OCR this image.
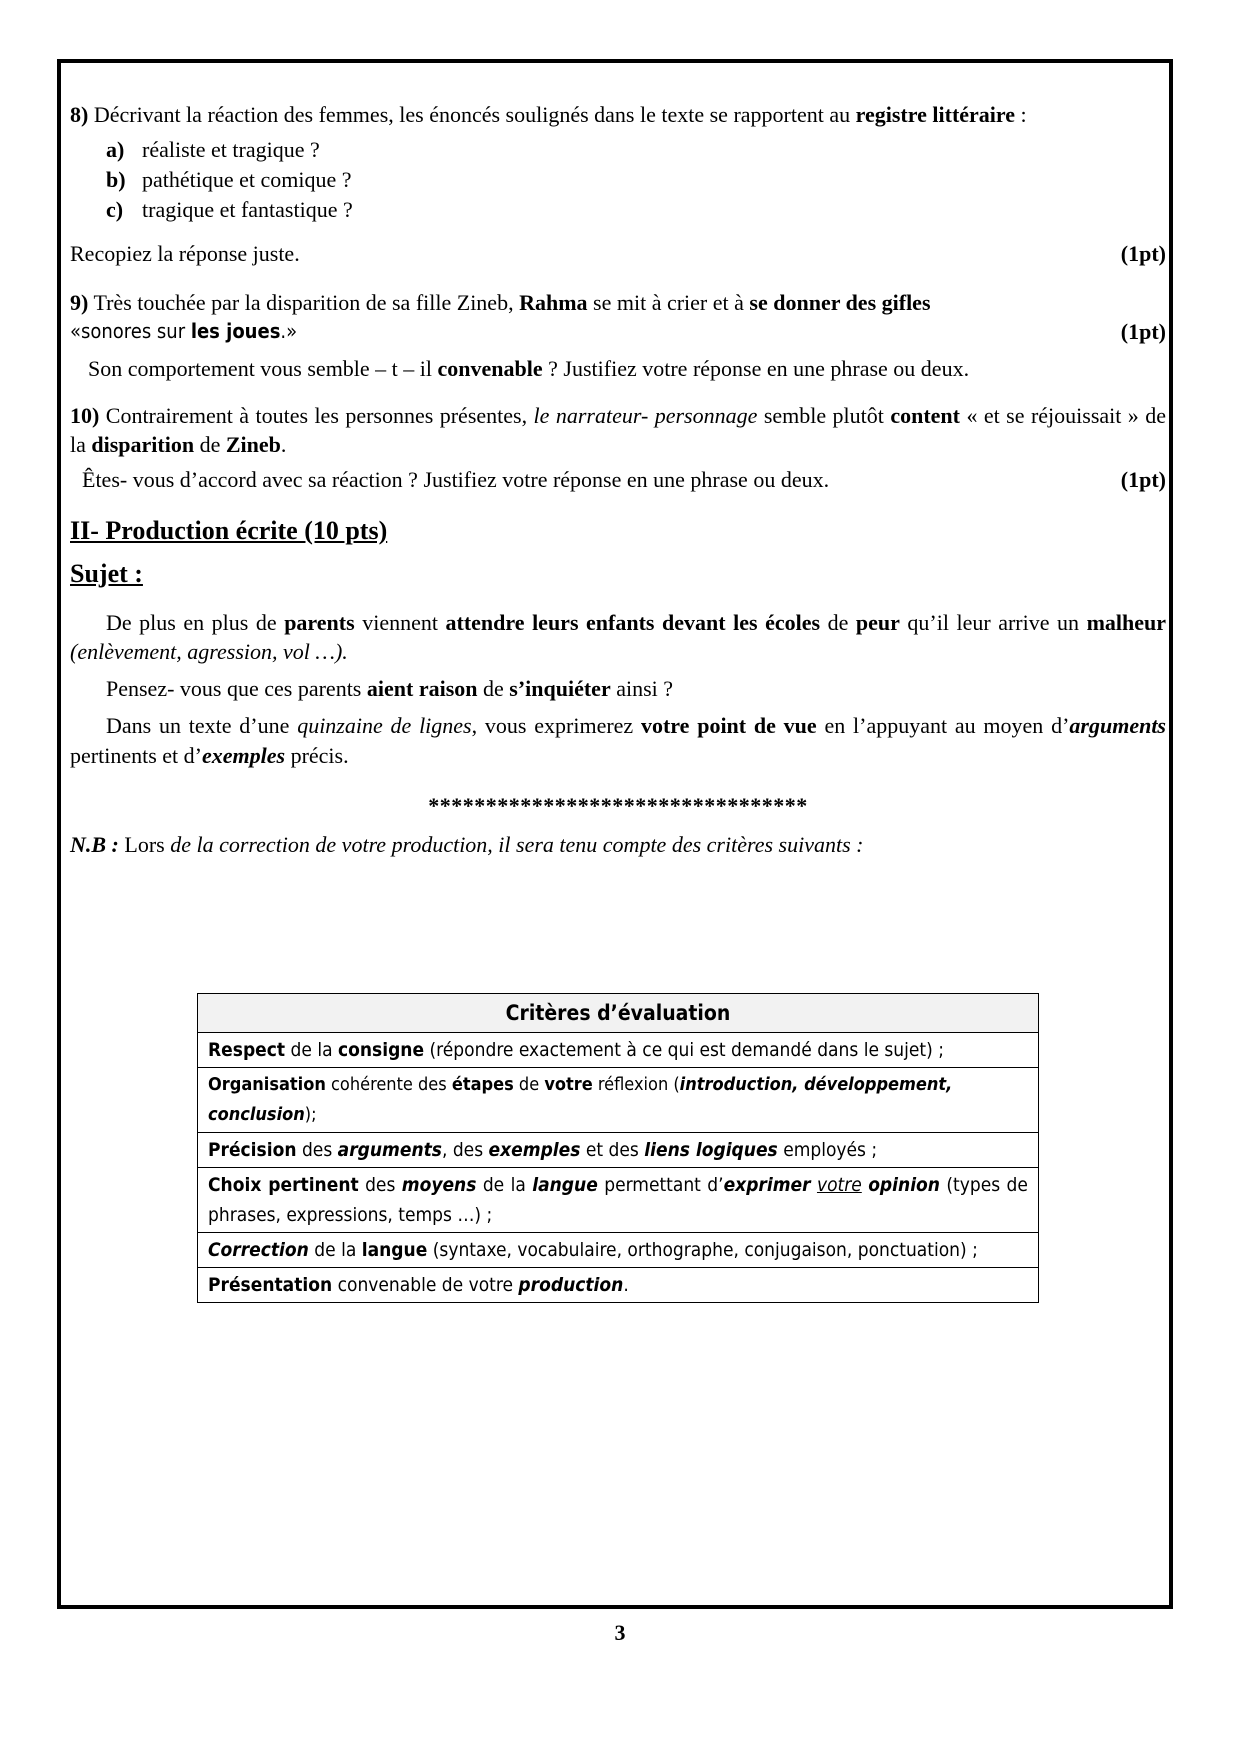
8) Décrivant la réaction des femmes, les énoncés soulignés dans le texte se rapportent au registre littéraire :

a) réaliste et tragique ?
b) pathétique et comique ?
c) tragique et fantastique ?
Recopiez la réponse juste.	(1pt)

9) Très touchée par la disparition de sa fille Zineb, Rahma se mit à crier et à se donner des gifles

«sonores sur les joues.»	(1pt)

Son comportement vous semble – t – il convenable ? Justifiez votre réponse en une phrase ou deux.

10) Contrairement à toutes les personnes présentes, le narrateur- personnage semble plutôt content « et se réjouissait » de la disparition de Zineb.

Êtes- vous d’accord avec sa réaction ? Justifiez votre réponse en une phrase ou deux.	(1pt)
II- Production écrite (10 pts)
Sujet :

De plus en plus de parents viennent attendre leurs enfants devant les écoles de peur qu’il leur arrive un malheur (enlèvement, agression, vol …).

Pensez- vous que ces parents aient raison de s’inquiéter ainsi ?

Dans un texte d’une quinzaine de lignes, vous exprimerez votre point de vue en l’appuyant au moyen d’arguments pertinents et d’exemples précis.

*********************************

N.B : Lors de la correction de votre production, il sera tenu compte des critères suivants :

Critères d’évaluation
Respect de la consigne (répondre exactement à ce qui est demandé dans le sujet) ;
Organisation cohérente des étapes de votre réflexion (introduction, développement, conclusion);
Précision des arguments, des exemples et des liens logiques employés ;
Choix pertinent des moyens de la langue permettant d’exprimer votre opinion (types de phrases, expressions, temps …) ;
Correction de la langue (syntaxe, vocabulaire, orthographe, conjugaison, ponctuation) ;
Présentation convenable de votre production.
3
